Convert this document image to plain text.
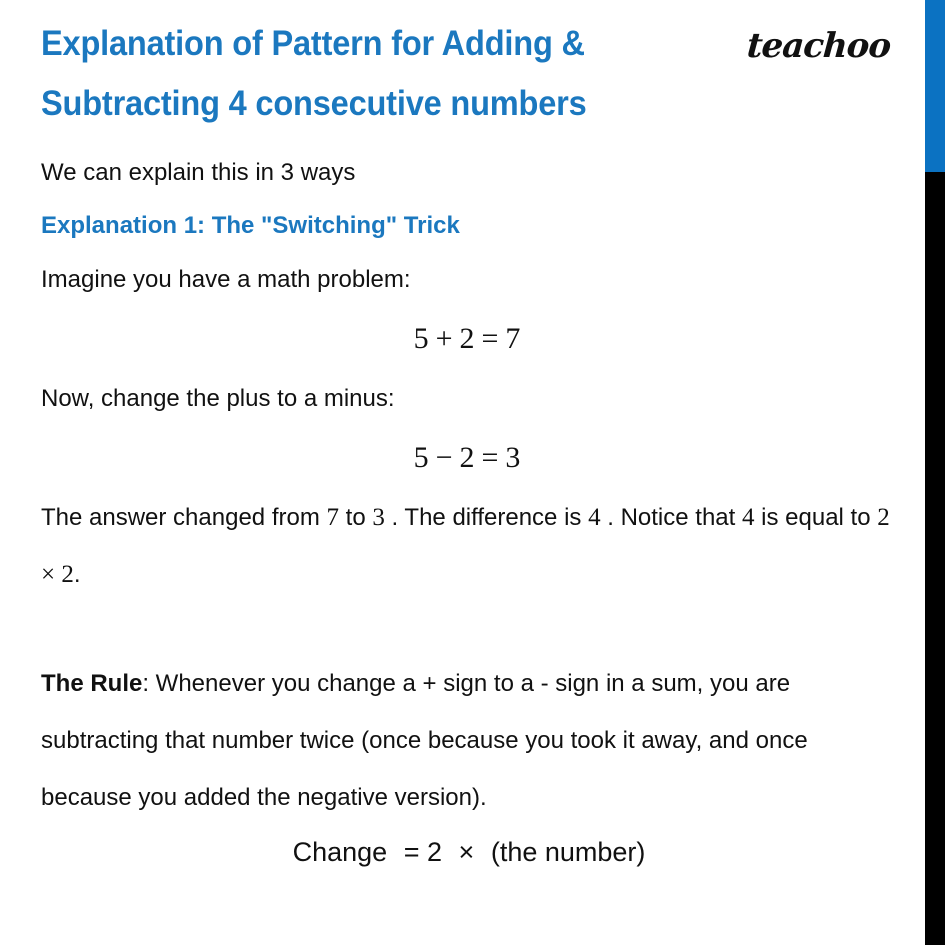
Explanation of Pattern for Adding &
Subtracting 4 consecutive numbers
teachoo

We can explain this in 3 ways

Explanation 1: The "Switching" Trick

Imagine you have a math problem:

5 + 2 = 7

Now, change the plus to a minus:

5 − 2 = 3

The answer changed from 7 to 3 . The difference is 4 . Notice that 4 is equal to 2 × 2.

The Rule: Whenever you change a + sign to a - sign in a sum, you are subtracting that number twice (once because you took it away, and once because you added the negative version).

Change = 2 × (the number)
